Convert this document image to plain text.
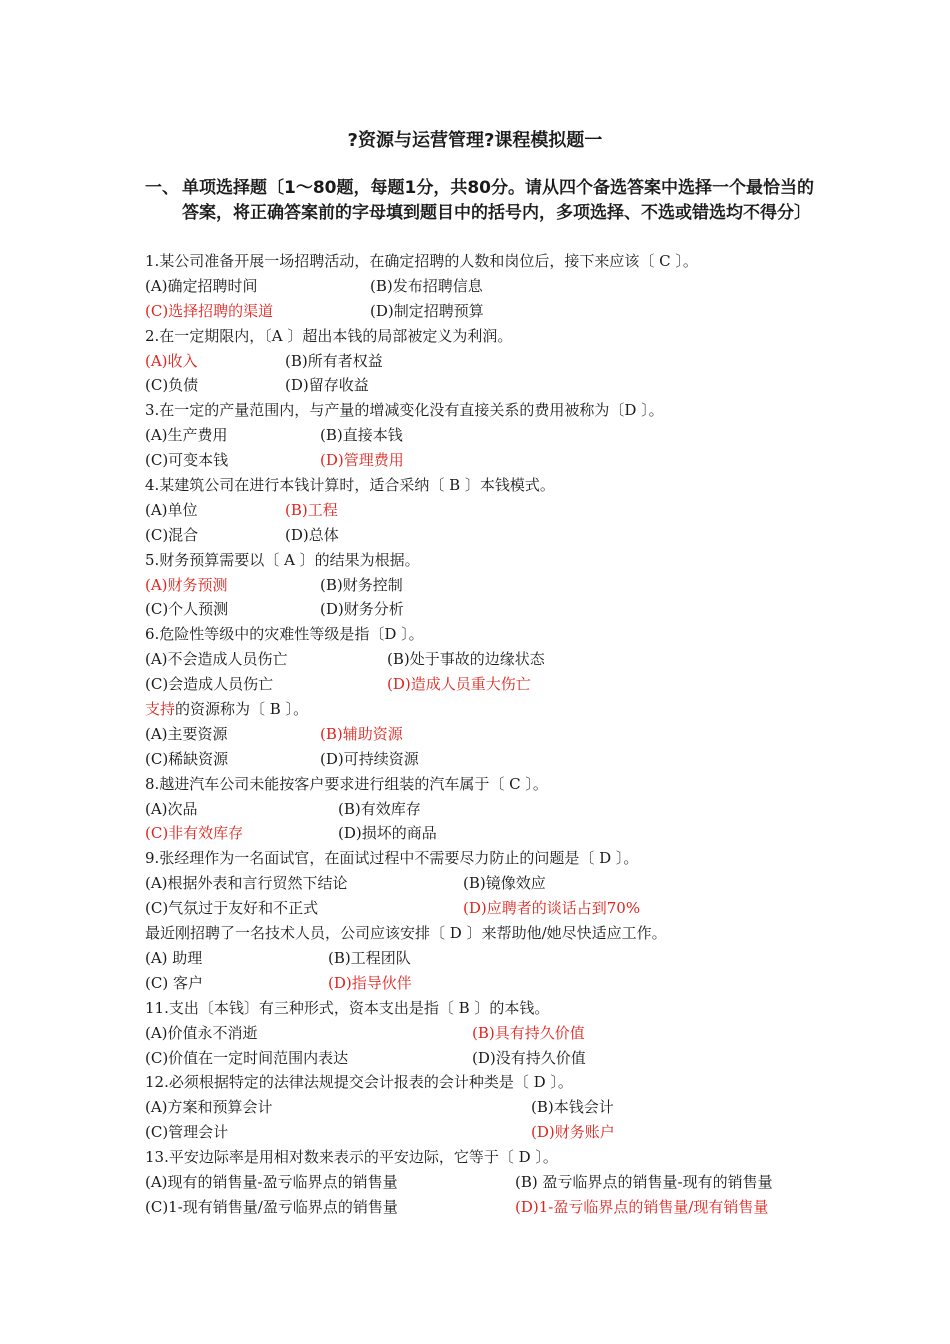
?资源与运营管理?课程模拟题一
一、 单项选择题〔1～80题，每题1分，共80分。请从四个备选答案中选择一个最恰当的答案，将正确答案前的字母填到题目中的括号内，多项选择、不选或错选均不得分〕
1.某公司准备开展一场招聘活动，在确定招聘的人数和岗位后，接下来应该〔 C 〕。
(A)确定招聘时间	(B)发布招聘信息
(C)选择招聘的渠道	(D)制定招聘预算
2.在一定期限内，〔A 〕超出本钱的局部被定义为利润。
(A)收入	(B)所有者权益
(C)负债	(D)留存收益
3.在一定的产量范围内，与产量的增减变化没有直接关系的费用被称为〔D 〕。
(A)生产费用	(B)直接本钱
(C)可变本钱	(D)管理费用
4.某建筑公司在进行本钱计算时，适合采纳〔 B 〕本钱模式。
(A)单位	(B)工程
(C)混合	(D)总体
5.财务预算需要以〔 A 〕的结果为根据。
(A)财务预测	(B)财务控制
(C)个人预测	(D)财务分析
6.危险性等级中的灾难性等级是指〔D 〕。
(A)不会造成人员伤亡	(B)处于事故的边缘状态
(C)会造成人员伤亡	(D)造成人员重大伤亡
支持的资源称为〔 B 〕。
(A)主要资源	(B)辅助资源
(C)稀缺资源	(D)可持续资源
8.越进汽车公司未能按客户要求进行组装的汽车属于〔 C 〕。
(A)次品	(B)有效库存
(C)非有效库存	(D)损坏的商品
9.张经理作为一名面试官，在面试过程中不需要尽力防止的问题是〔 D 〕。
(A)根据外表和言行贸然下结论	(B)镜像效应
(C)气氛过于友好和不正式	(D)应聘者的谈话占到70%
最近刚招聘了一名技术人员，公司应该安排〔 D 〕来帮助他/她尽快适应工作。
(A) 助理	(B)工程团队
(C) 客户	(D)指导伙伴
11.支出〔本钱〕有三种形式，资本支出是指〔 B 〕的本钱。
(A)价值永不消逝	(B)具有持久价值
(C)价值在一定时间范围内表达	(D)没有持久价值
12.必须根据特定的法律法规提交会计报表的会计种类是〔 D 〕。
(A)方案和预算会计	(B)本钱会计
(C)管理会计	(D)财务账户
13.平安边际率是用相对数来表示的平安边际，它等于〔 D 〕。
(A)现有的销售量-盈亏临界点的销售量	(B) 盈亏临界点的销售量-现有的销售量
(C)1-现有销售量/盈亏临界点的销售量	(D)1-盈亏临界点的销售量/现有销售量
